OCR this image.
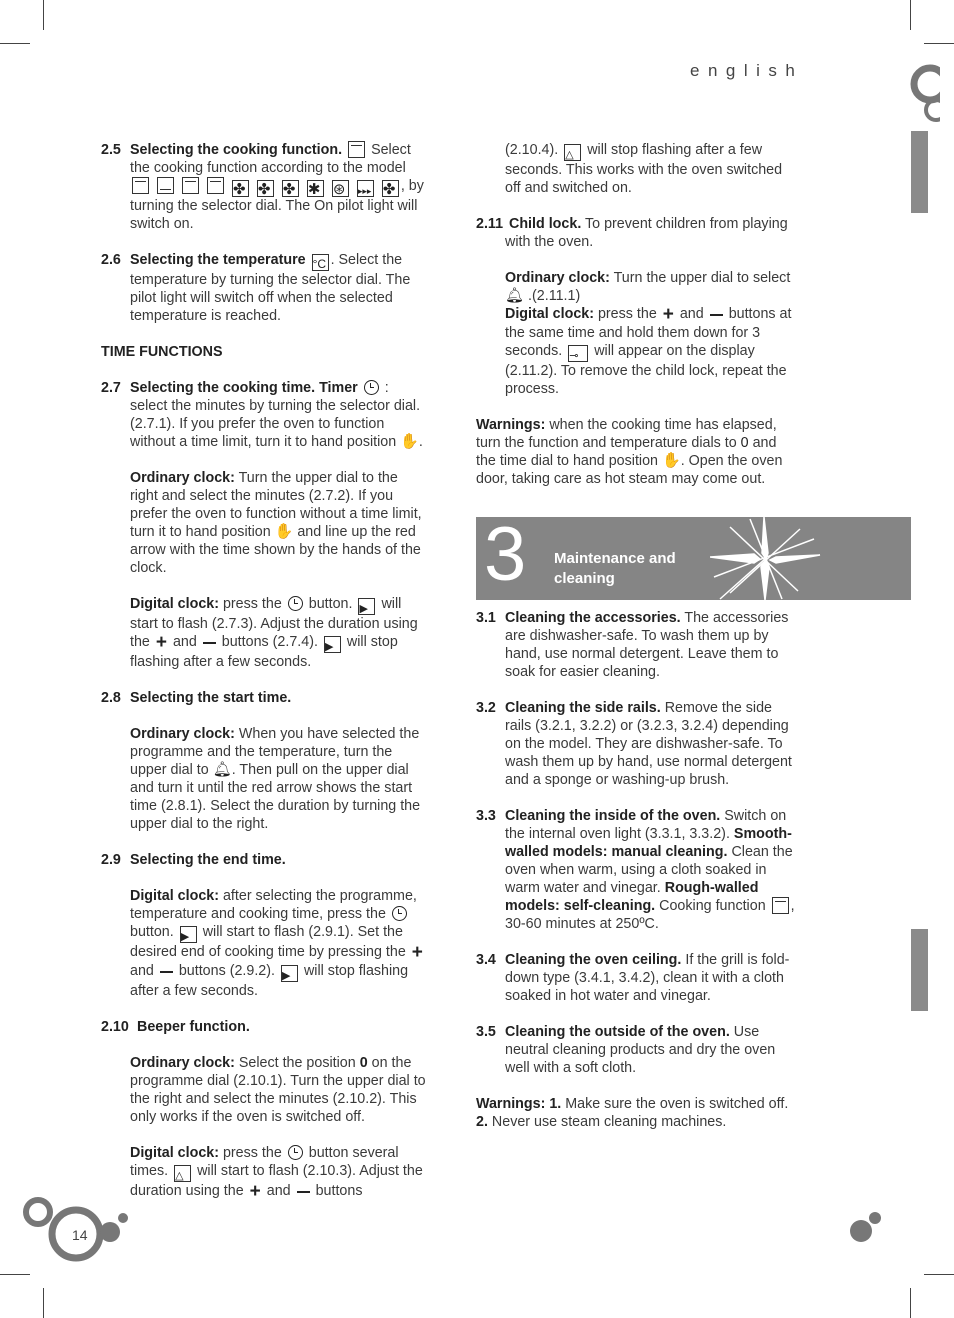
14
english
2.5 Selecting the cooking function. Select the cooking function according to the model     ✤ ✤ ✤ ✱ ⊛ ▸▸▸ ✤ , by turning the selector dial. The On pilot light will switch on.
2.6 Selecting the temperature °C . Select the temperature by turning the selector dial. The pilot light will switch off when the selected temperature is reached.
TIME FUNCTIONS
2.7 Selecting the cooking time. Timer : select the minutes by turning the selector dial. (2.7.1). If you prefer the oven to function without a time limit, turn it to hand position ✋.
Ordinary clock: Turn the upper dial to the right and select the minutes (2.7.2). If you prefer the oven to function without a time limit, turn it to hand position ✋ and line up the red arrow with the time shown by the hands of the clock.
Digital clock: press the button. ▶ will start to flash (2.7.3). Adjust the duration using the + and buttons (2.7.4). ▶ will stop flashing after a few seconds.
2.8 Selecting the start time.
Ordinary clock: When you have selected the programme and the temperature, turn the upper dial to 🔔︎. Then pull on the upper dial and turn it until the red arrow shows the start time (2.8.1). Select the duration by turning the upper dial to the right.
2.9 Selecting the end time.
Digital clock: after selecting the programme, temperature and cooking time, press the  button. ▶ will start to flash (2.9.1). Set the desired end of cooking time by pressing the + and buttons (2.9.2). ▶ will stop flashing after a few seconds.
2.10 Beeper function.
Ordinary clock: Select the position 0 on the programme dial (2.10.1). Turn the upper dial to the right and select the minutes (2.10.2). This only works if the oven is switched off.
Digital clock: press the button several times. △ will start to flash (2.10.3). Adjust the duration using the + and buttons
(2.10.4). △ will stop flashing after a few seconds. This works with the oven switched off and switched on.
2.11 Child lock. To prevent children from playing with the oven.
Ordinary clock: Turn the upper dial to select 🔔︎ .(2.11.1)
Digital clock: press the + and buttons at the same time and hold them down for 3 seconds. ⊸ will appear on the display (2.11.2). To remove the child lock, repeat the process.
Warnings: when the cooking time has elapsed, turn the function and temperature dials to 0 and the time dial to hand position ✋. Open the oven door, taking care as hot steam may come out.
3 Maintenance and
cleaning
3.1 Cleaning the accessories. The accessories are dishwasher-safe. To wash them up by hand, use normal detergent. Leave them to soak for easier cleaning.
3.2 Cleaning the side rails. Remove the side rails (3.2.1, 3.2.2) or (3.2.3, 3.2.4) depending on the model. They are dishwasher-safe. To wash them up by hand, use normal detergent and a sponge or washing-up brush.
3.3 Cleaning the inside of the oven. Switch on the internal oven light (3.3.1, 3.3.2). Smooth-walled models: manual cleaning. Clean the oven when warm, using a cloth soaked in warm water and vinegar. Rough-walled models: self-cleaning. Cooking function , 30-60 minutes at 250ºC.
3.4 Cleaning the oven ceiling. If the grill is fold-down type (3.4.1, 3.4.2), clean it with a cloth soaked in hot water and vinegar.
3.5 Cleaning the outside of the oven. Use neutral cleaning products and dry the oven well with a soft cloth.
Warnings: 1. Make sure the oven is switched off. 2. Never use steam cleaning machines.
